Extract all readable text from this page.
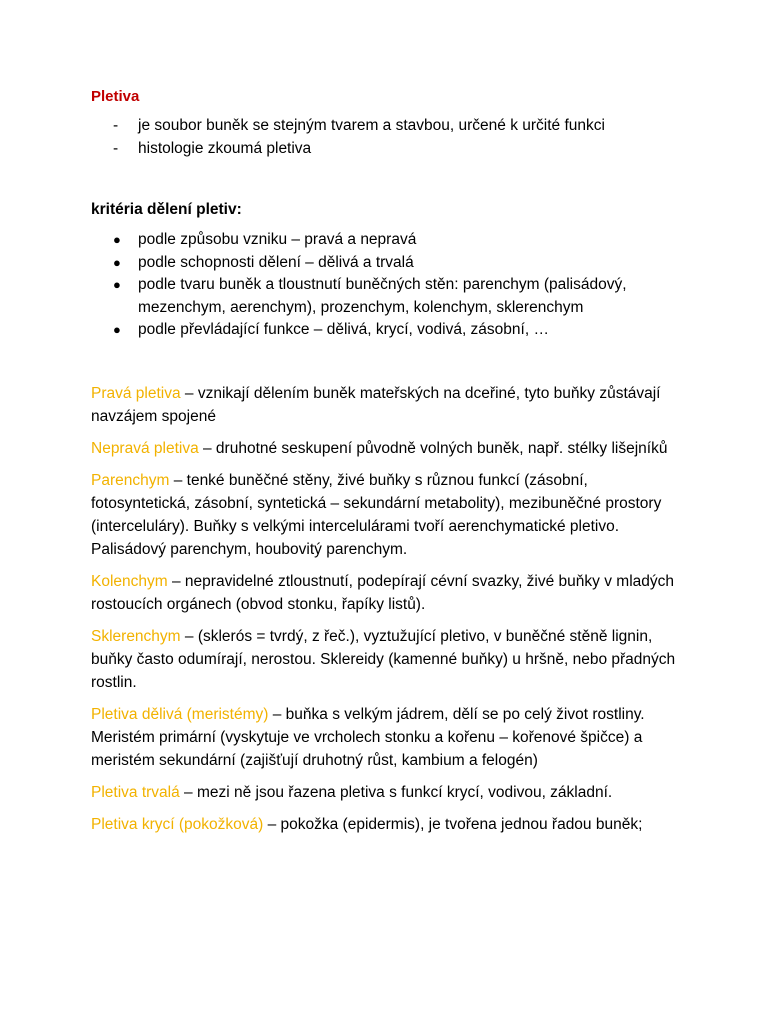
Pletiva
- je soubor buněk se stejným tvarem a stavbou, určené k určité funkci
- histologie zkoumá pletiva
kritéria dělení pletiv:
● podle způsobu vzniku – pravá a nepravá
● podle schopnosti dělení – dělivá a trvalá
● podle tvaru buněk a tloustnutí buněčných stěn: parenchym (palisádový, mezenchym, aerenchym), prozenchym, kolenchym, sklerenchym
● podle převládající funkce – dělivá, krycí, vodivá, zásobní, …

Pravá pletiva – vznikají dělením buněk mateřských na dceřiné, tyto buňky zůstávají navzájem spojené

Nepravá pletiva – druhotné seskupení původně volných buněk, např. stélky lišejníků

Parenchym – tenké buněčné stěny, živé buňky s různou funkcí (zásobní, fotosyntetická, zásobní, syntetická – sekundární metabolity), mezibuněčné prostory (interceluláry). Buňky s velkými intercelulárami tvoří aerenchymatické pletivo. Palisádový parenchym, houbovitý parenchym.

Kolenchym – nepravidelné ztloustnutí, podepírají cévní svazky, živé buňky v mladých rostoucích orgánech (obvod stonku, řapíky listů).

Sklerenchym – (sklerós = tvrdý, z řeč.), vyztužující pletivo, v buněčné stěně lignin, buňky často odumírají, nerostou. Sklereidy (kamenné buňky) u hršně, nebo přadných rostlin.

Pletiva dělivá (meristémy) – buňka s velkým jádrem, dělí se po celý život rostliny. Meristém primární (vyskytuje ve vrcholech stonku a kořenu – kořenové špičce) a meristém sekundární (zajišťují druhotný růst, kambium a felogén)

Pletiva trvalá – mezi ně jsou řazena pletiva s funkcí krycí, vodivou, základní.

Pletiva krycí (pokožková) – pokožka (epidermis), je tvořena jednou řadou buněk;
